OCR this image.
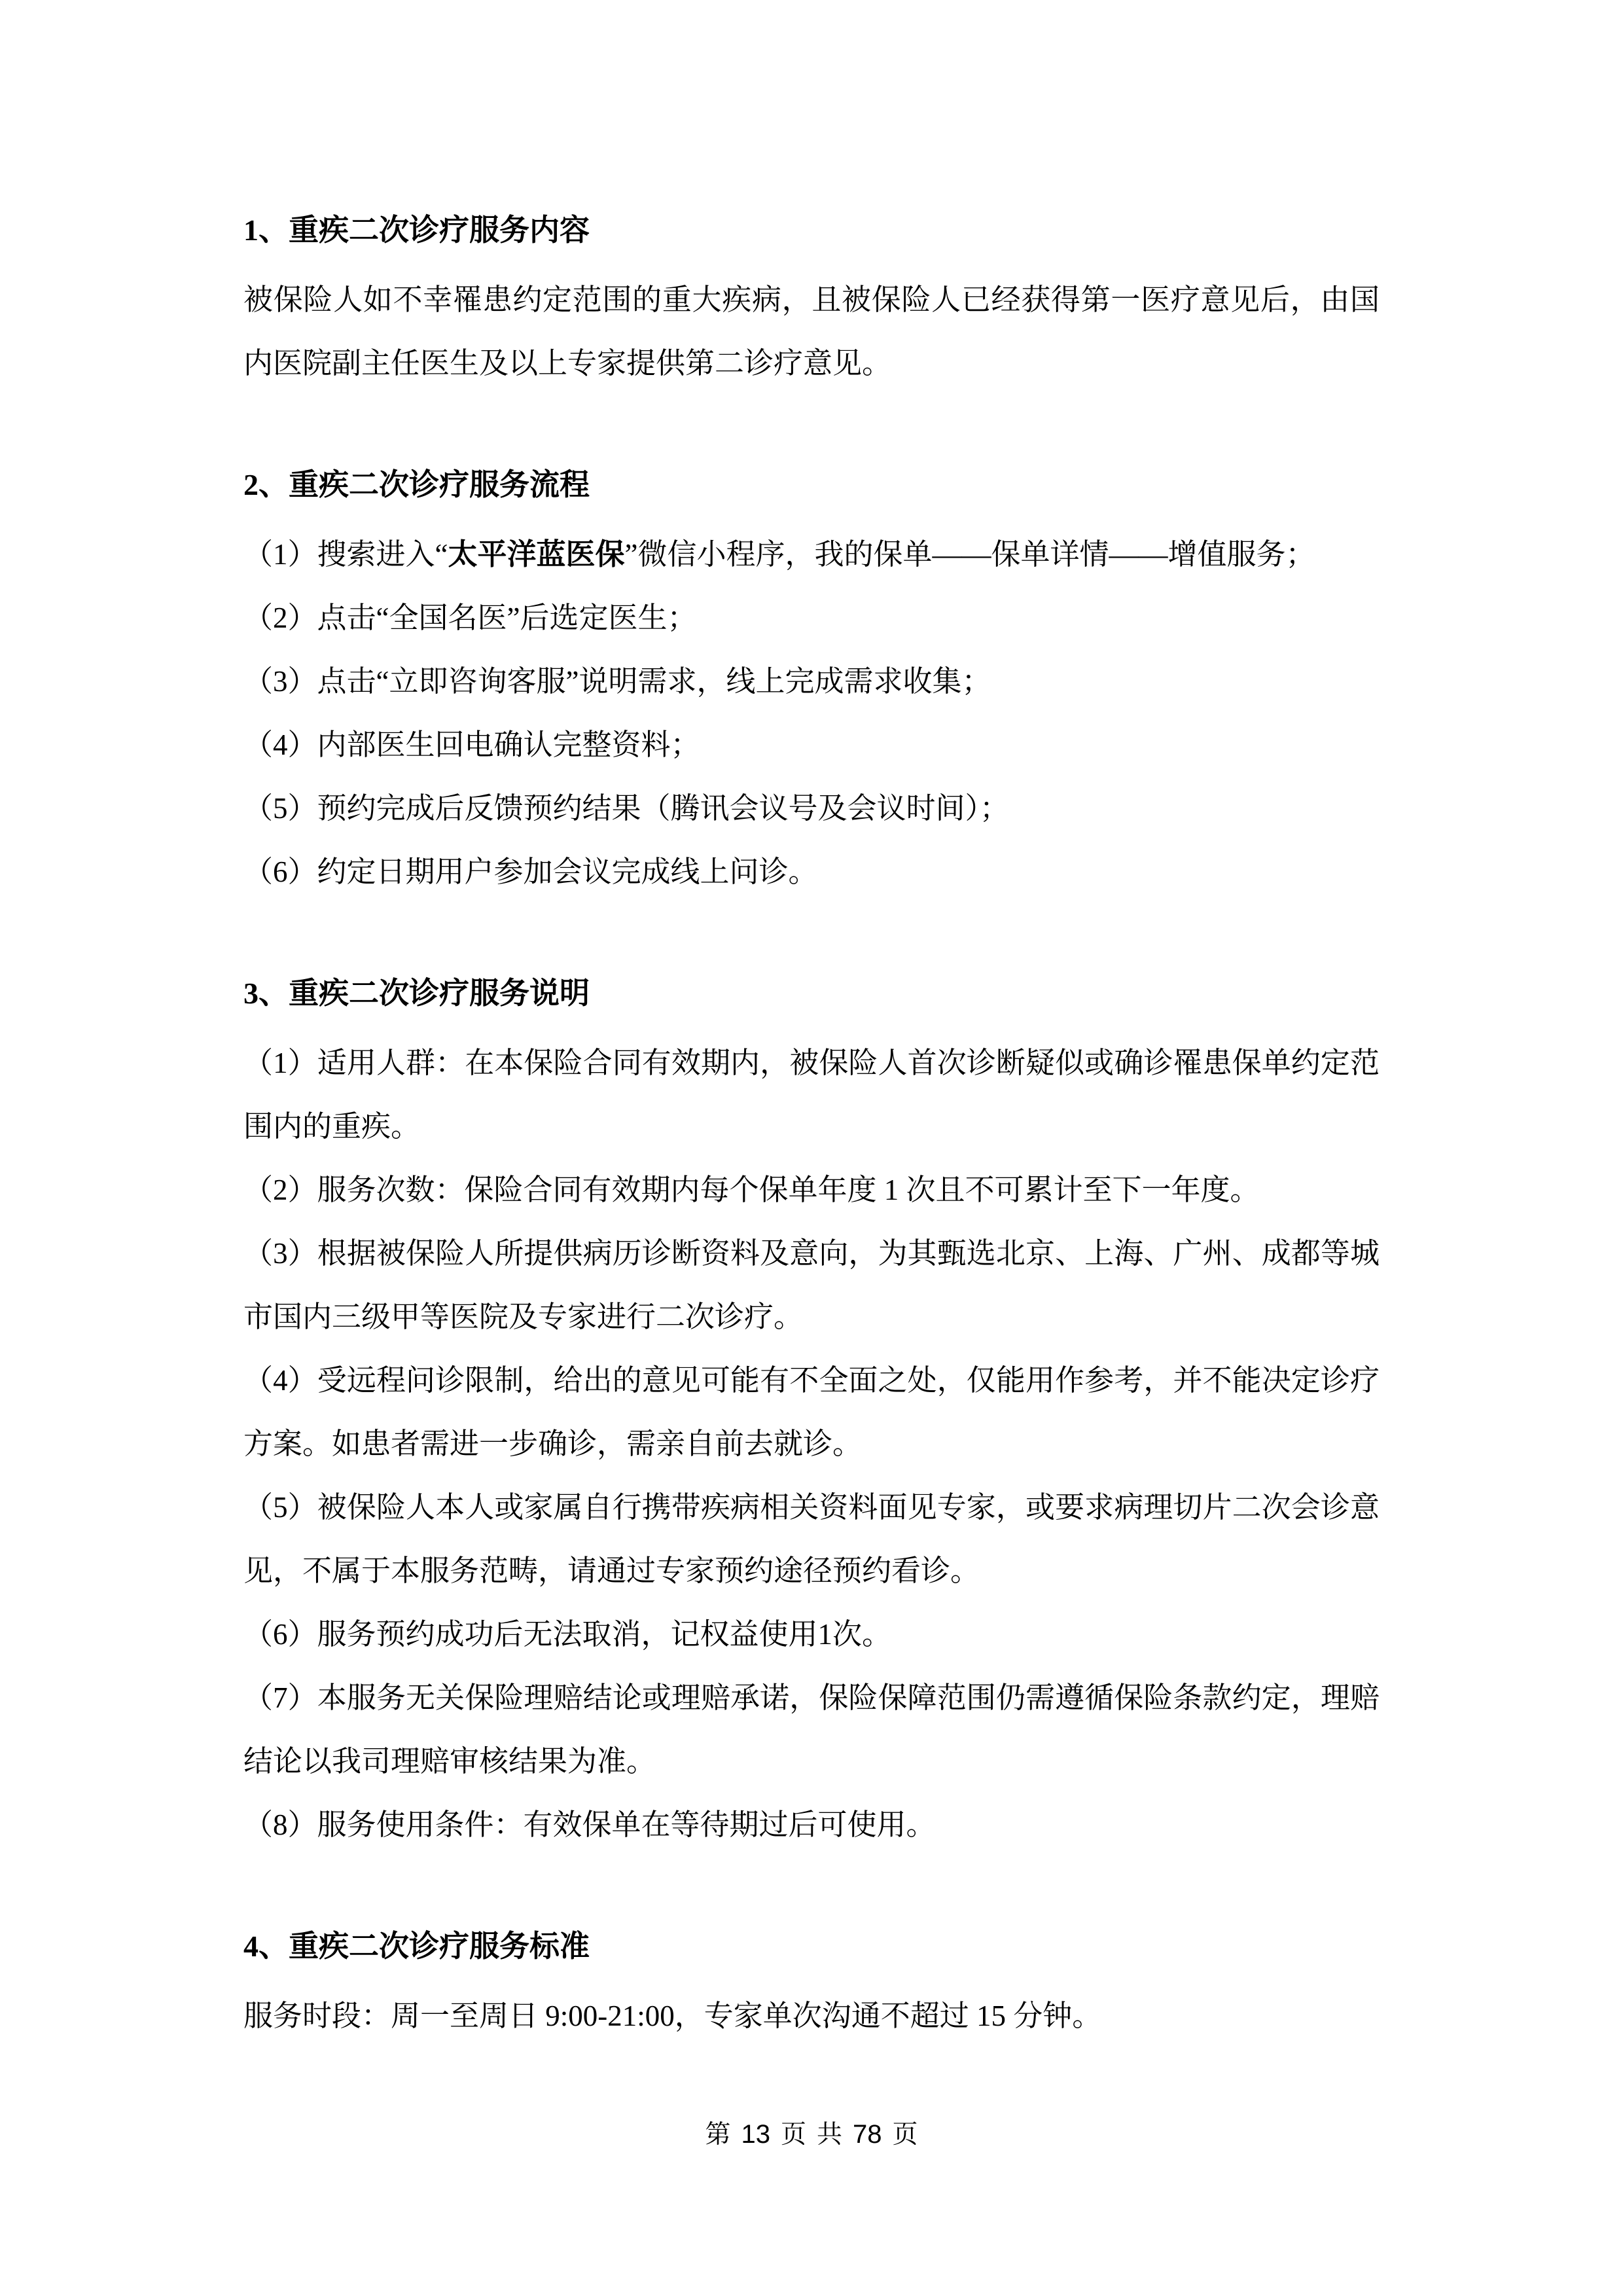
1、重疾二次诊疗服务内容

被保险人如不幸罹患约定范围的重大疾病，且被保险人已经获得第一医疗意见后，由国内医院副主任医生及以上专家提供第二诊疗意见。

2、重疾二次诊疗服务流程

（1）搜索进入“太平洋蓝医保”微信小程序，我的保单——保单详情——增值服务；

（2）点击“全国名医”后选定医生；

（3）点击“立即咨询客服”说明需求，线上完成需求收集；

（4）内部医生回电确认完整资料；

（5）预约完成后反馈预约结果（腾讯会议号及会议时间）；

（6）约定日期用户参加会议完成线上问诊。

3、重疾二次诊疗服务说明

（1）适用人群：在本保险合同有效期内，被保险人首次诊断疑似或确诊罹患保单约定范围内的重疾。

（2）服务次数：保险合同有效期内每个保单年度 1 次且不可累计至下一年度。

（3）根据被保险人所提供病历诊断资料及意向，为其甄选北京、上海、广州、成都等城市国内三级甲等医院及专家进行二次诊疗。

（4）受远程问诊限制，给出的意见可能有不全面之处，仅能用作参考，并不能决定诊疗方案。如患者需进一步确诊，需亲自前去就诊。

（5）被保险人本人或家属自行携带疾病相关资料面见专家，或要求病理切片二次会诊意见，不属于本服务范畴，请通过专家预约途径预约看诊。

（6）服务预约成功后无法取消，记权益使用1次。

（7）本服务无关保险理赔结论或理赔承诺，保险保障范围仍需遵循保险条款约定，理赔结论以我司理赔审核结果为准。

（8）服务使用条件：有效保单在等待期过后可使用。

4、重疾二次诊疗服务标准

服务时段：周一至周日 9:00-21:00，专家单次沟通不超过 15 分钟。

第 13 页 共 78 页
